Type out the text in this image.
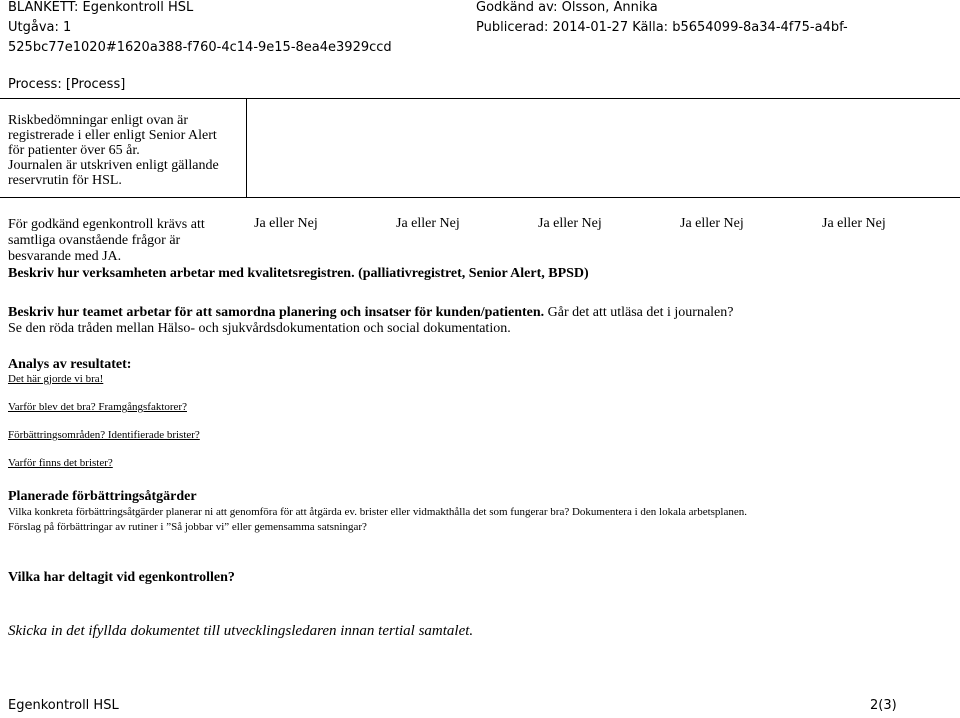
BLANKETT: Egenkontroll HSL
Utgåva: 1
525bc77e1020#1620a388-f760-4c14-9e15-8ea4e3929ccd
Godkänd av: Olsson, Annika
Publicerad: 2014-01-27 Källa: b5654099-8a34-4f75-a4bf-
Process: [Process]
Riskbedömningar enligt ovan är
registrerade i eller enligt Senior Alert
för patienter över 65 år.
Journalen är utskriven enligt gällande
reservrutin för HSL.
För godkänd egenkontroll krävs att
samtliga ovanstående frågor är
besvarande med JA.
Ja eller Nej	Ja eller Nej	Ja eller Nej	Ja eller Nej	Ja eller Nej
Beskriv hur verksamheten arbetar med kvalitetsregistren. (palliativregistret, Senior Alert, BPSD)
Beskriv hur teamet arbetar för att samordna planering och insatser för kunden/patienten. Går det att utläsa det i journalen?
Se den röda tråden mellan Hälso- och sjukvårdsdokumentation och social dokumentation.
Analys av resultatet:
Det här gjorde vi bra!
Varför blev det bra? Framgångsfaktorer?
Förbättringsområden? Identifierade brister?
Varför finns det brister?
Planerade förbättringsåtgärder
Vilka konkreta förbättringsåtgärder planerar ni att genomföra för att åtgärda ev. brister eller vidmakthålla det som fungerar bra? Dokumentera i den lokala arbetsplanen.
Förslag på förbättringar av rutiner i ”Så jobbar vi” eller gemensamma satsningar?
Vilka har deltagit vid egenkontrollen?
Skicka in det ifyllda dokumentet till utvecklingsledaren innan tertial samtalet.
Egenkontroll HSL	2(3)
